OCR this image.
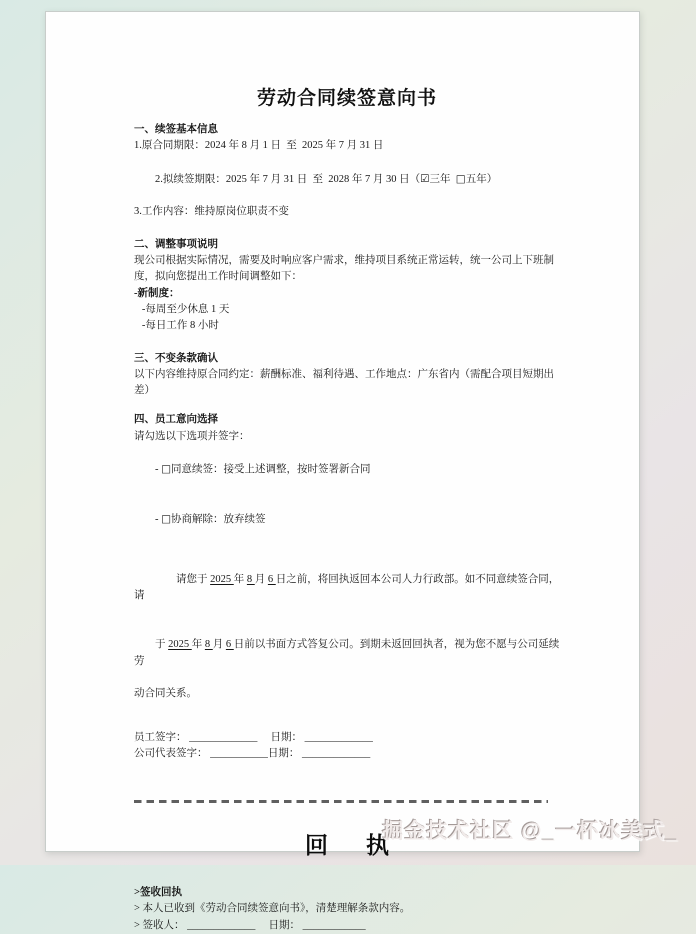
劳动合同续签意向书
一、续签基本信息
1.原合同期限：2024 年 8 月 1 日  至  2025 年 7 月 31 日

2.拟续签期限：2025 年 7 月 31 日  至  2028 年 7 月 30 日（☑三年  □五年）

3.工作内容：维持原岗位职责不变
二、调整事项说明
现公司根据实际情况，需要及时响应客户需求，维持项目系统正常运转，统一公司上下班制
度，拟向您提出工作时间调整如下：
-新制度：
-每周至少休息 1 天
-每日工作 8 小时
三、不变条款确认
以下内容维持原合同约定：薪酬标准、福利待遇、工作地点：广东省内（需配合项目短期出
差）
四、员工意向选择
请勾选以下选项并签字：

- □同意续签：接受上述调整，按时签署新合同

- □协商解除：放弃续签

　　请您于 2025 年 8 月 6 日之前，将回执返回本公司人力行政部。如不同意续签合同，请

于 2025 年 8 月 6 日前以书面方式答复公司。到期未返回回执者，视为您不愿与公司延续劳

动合同关系。
员工签字： _____________　 日期： _____________
公司代表签字： ___________日期： _____________
回 执
>签收回执
> 本人已收到《劳动合同续签意向书》，清楚理解条款内容。
> 签收人： _____________　 日期： ____________
掘金技术社区 @_一杯冰美式_
